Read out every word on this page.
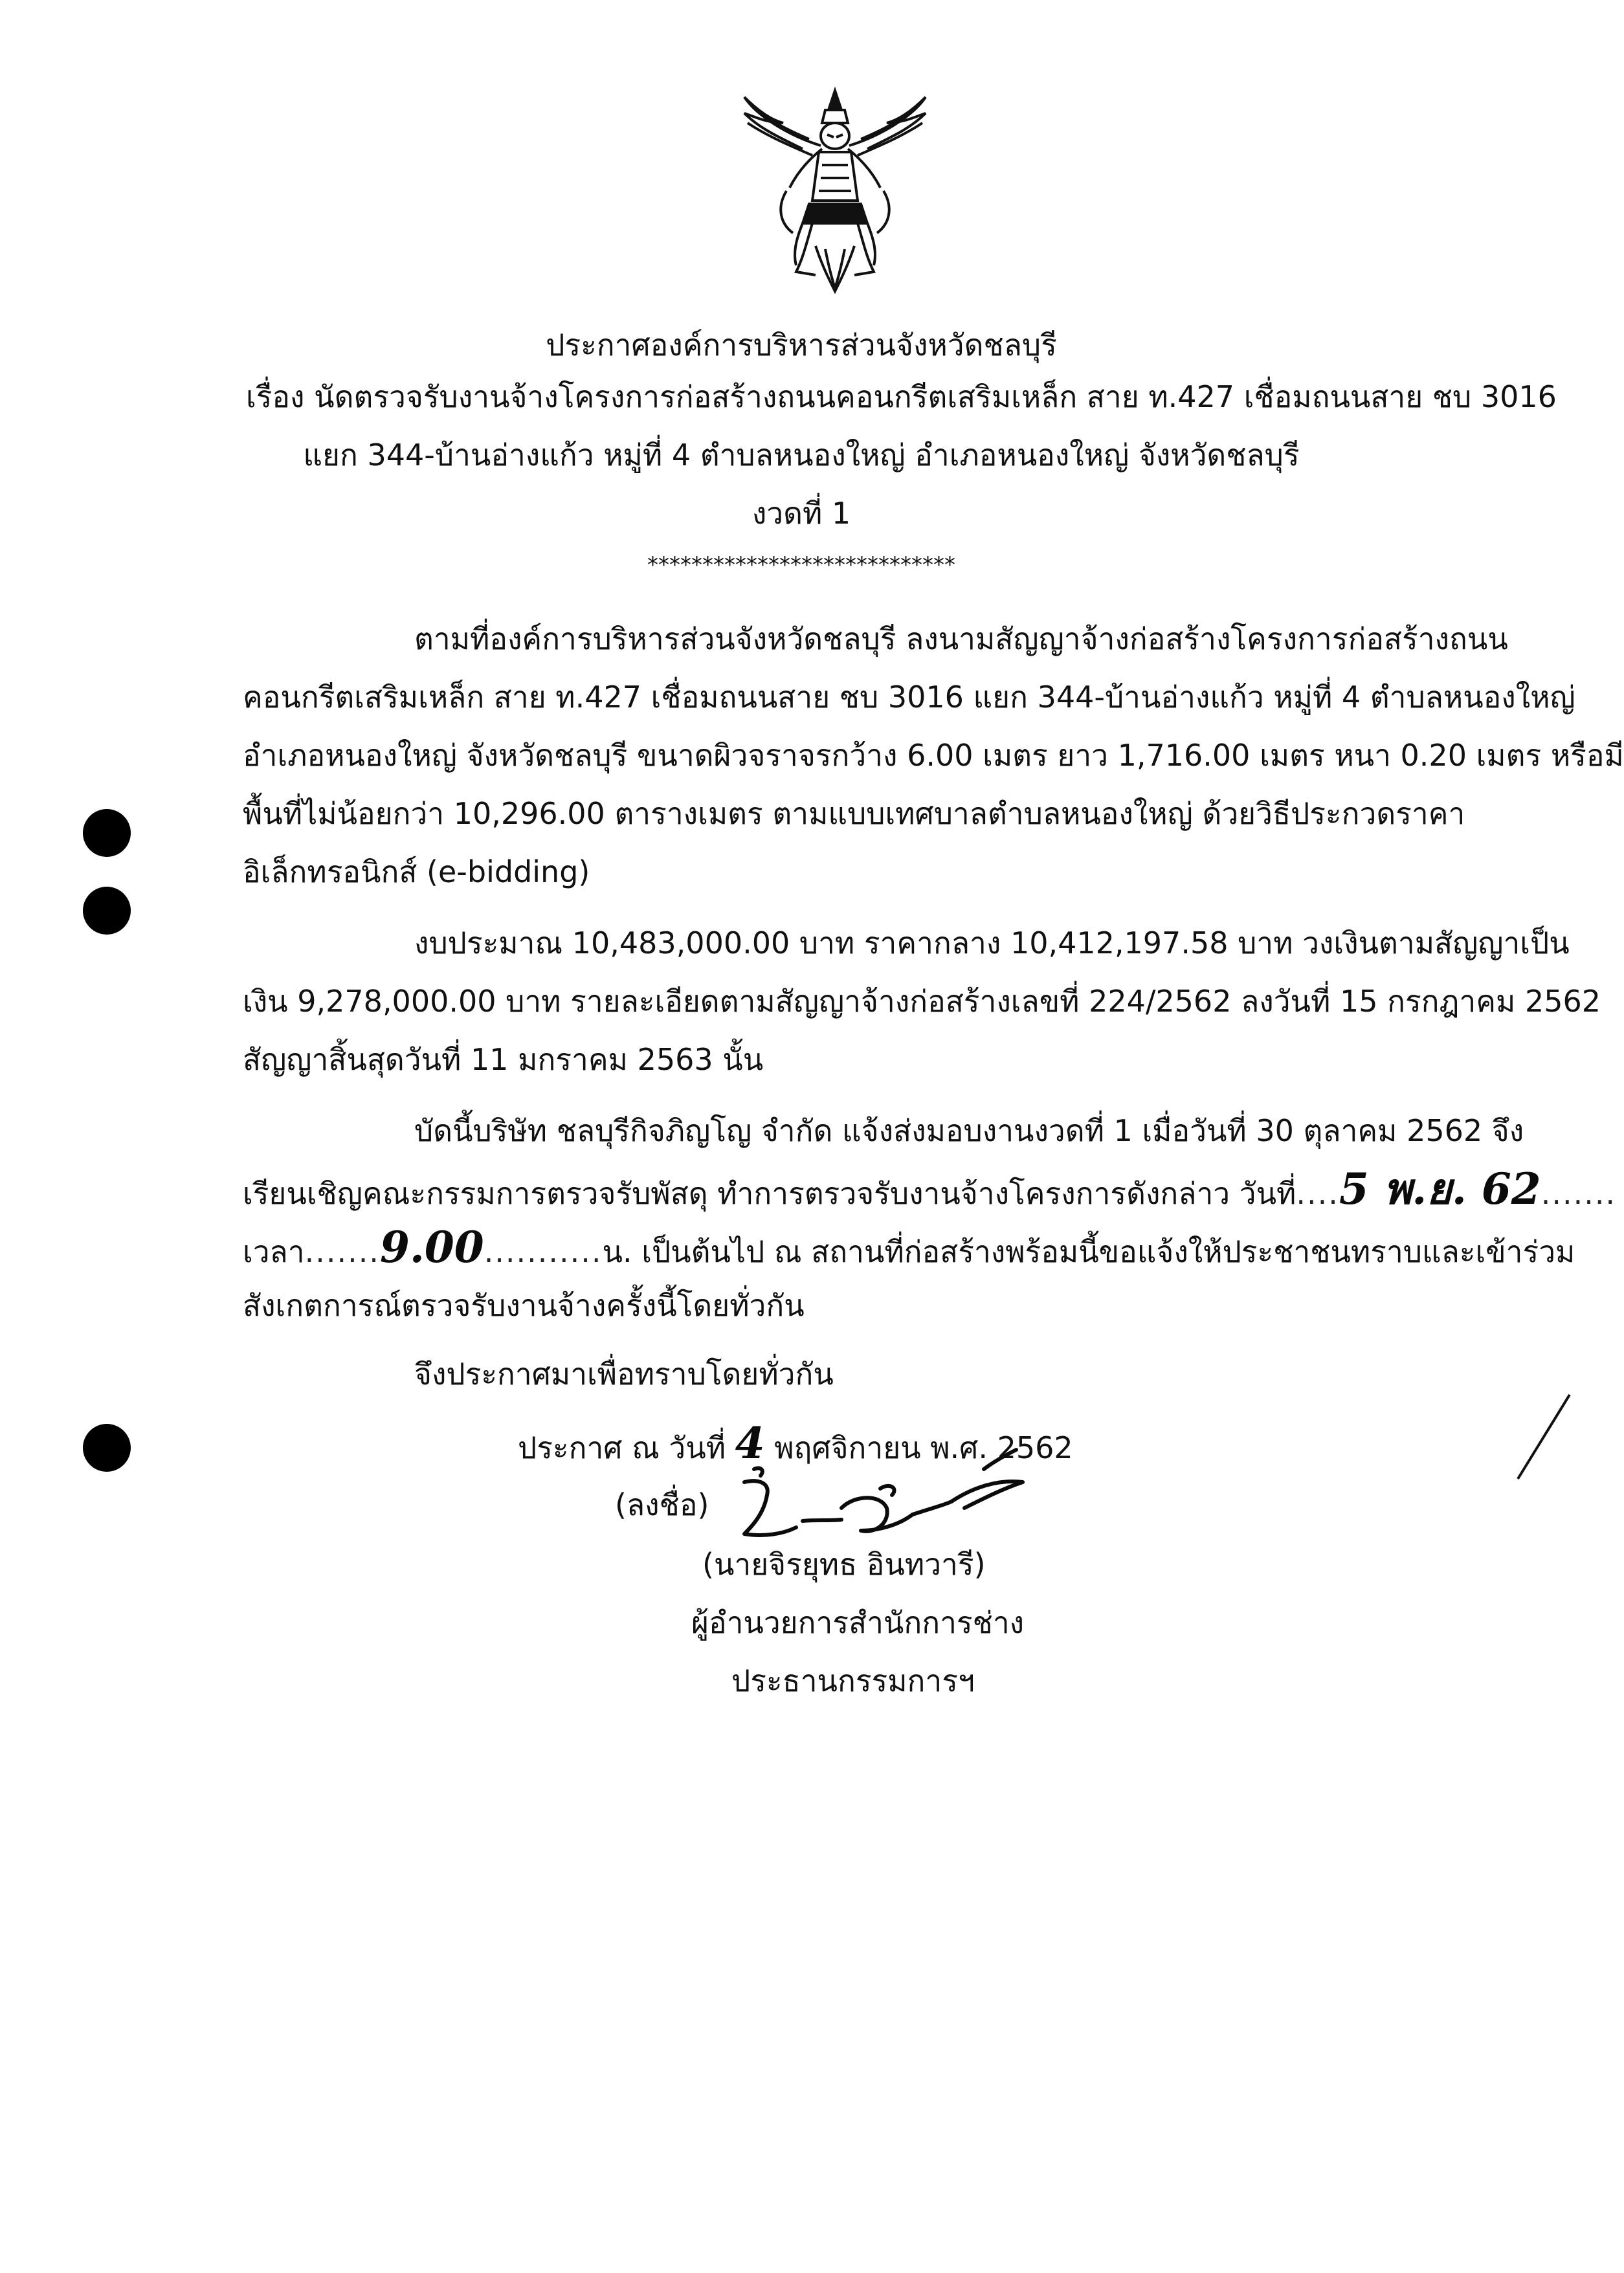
ประกาศองค์การบริหารส่วนจังหวัดชลบุรี
เรื่อง นัดตรวจรับงานจ้างโครงการก่อสร้างถนนคอนกรีตเสริมเหล็ก สาย ท.427 เชื่อมถนนสาย ชบ 3016
แยก 344-บ้านอ่างแก้ว หมู่ที่ 4 ตำบลหนองใหญ่ อำเภอหนองใหญ่ จังหวัดชลบุรี
งวดที่ 1
****************************
ตามที่องค์การบริหารส่วนจังหวัดชลบุรี ลงนามสัญญาจ้างก่อสร้างโครงการก่อสร้างถนน
คอนกรีตเสริมเหล็ก สาย ท.427 เชื่อมถนนสาย ชบ 3016 แยก 344-บ้านอ่างแก้ว หมู่ที่ 4 ตำบลหนองใหญ่
อำเภอหนองใหญ่ จังหวัดชลบุรี ขนาดผิวจราจรกว้าง 6.00 เมตร ยาว 1,716.00 เมตร หนา 0.20 เมตร หรือมี
พื้นที่ไม่น้อยกว่า 10,296.00 ตารางเมตร ตามแบบเทศบาลตำบลหนองใหญ่ ด้วยวิธีประกวดราคา
อิเล็กทรอนิกส์ (e-bidding)
งบประมาณ 10,483,000.00 บาท ราคากลาง 10,412,197.58 บาท วงเงินตามสัญญาเป็น
เงิน 9,278,000.00 บาท รายละเอียดตามสัญญาจ้างก่อสร้างเลขที่ 224/2562 ลงวันที่ 15 กรกฎาคม 2562
สัญญาสิ้นสุดวันที่ 11 มกราคม 2563 นั้น
บัดนี้บริษัท ชลบุรีกิจภิญโญ จำกัด แจ้งส่งมอบงานงวดที่ 1 เมื่อวันที่ 30 ตุลาคม 2562 จึง
เรียนเชิญคณะกรรมการตรวจรับพัสดุ ทำการตรวจรับงานจ้างโครงการดังกล่าว วันที่....5 พ.ย. 62.......
เวลา.......9.00...........น. เป็นต้นไป ณ สถานที่ก่อสร้างพร้อมนี้ขอแจ้งให้ประชาชนทราบและเข้าร่วม
สังเกตการณ์ตรวจรับงานจ้างครั้งนี้โดยทั่วกัน
จึงประกาศมาเพื่อทราบโดยทั่วกัน
ประกาศ ณ วันที่ 4 พฤศจิกายน พ.ศ. 2562
(ลงชื่อ)
(นายจิรยุทธ อินทวารี)
ผู้อำนวยการสำนักการช่าง
ประธานกรรมการฯ
